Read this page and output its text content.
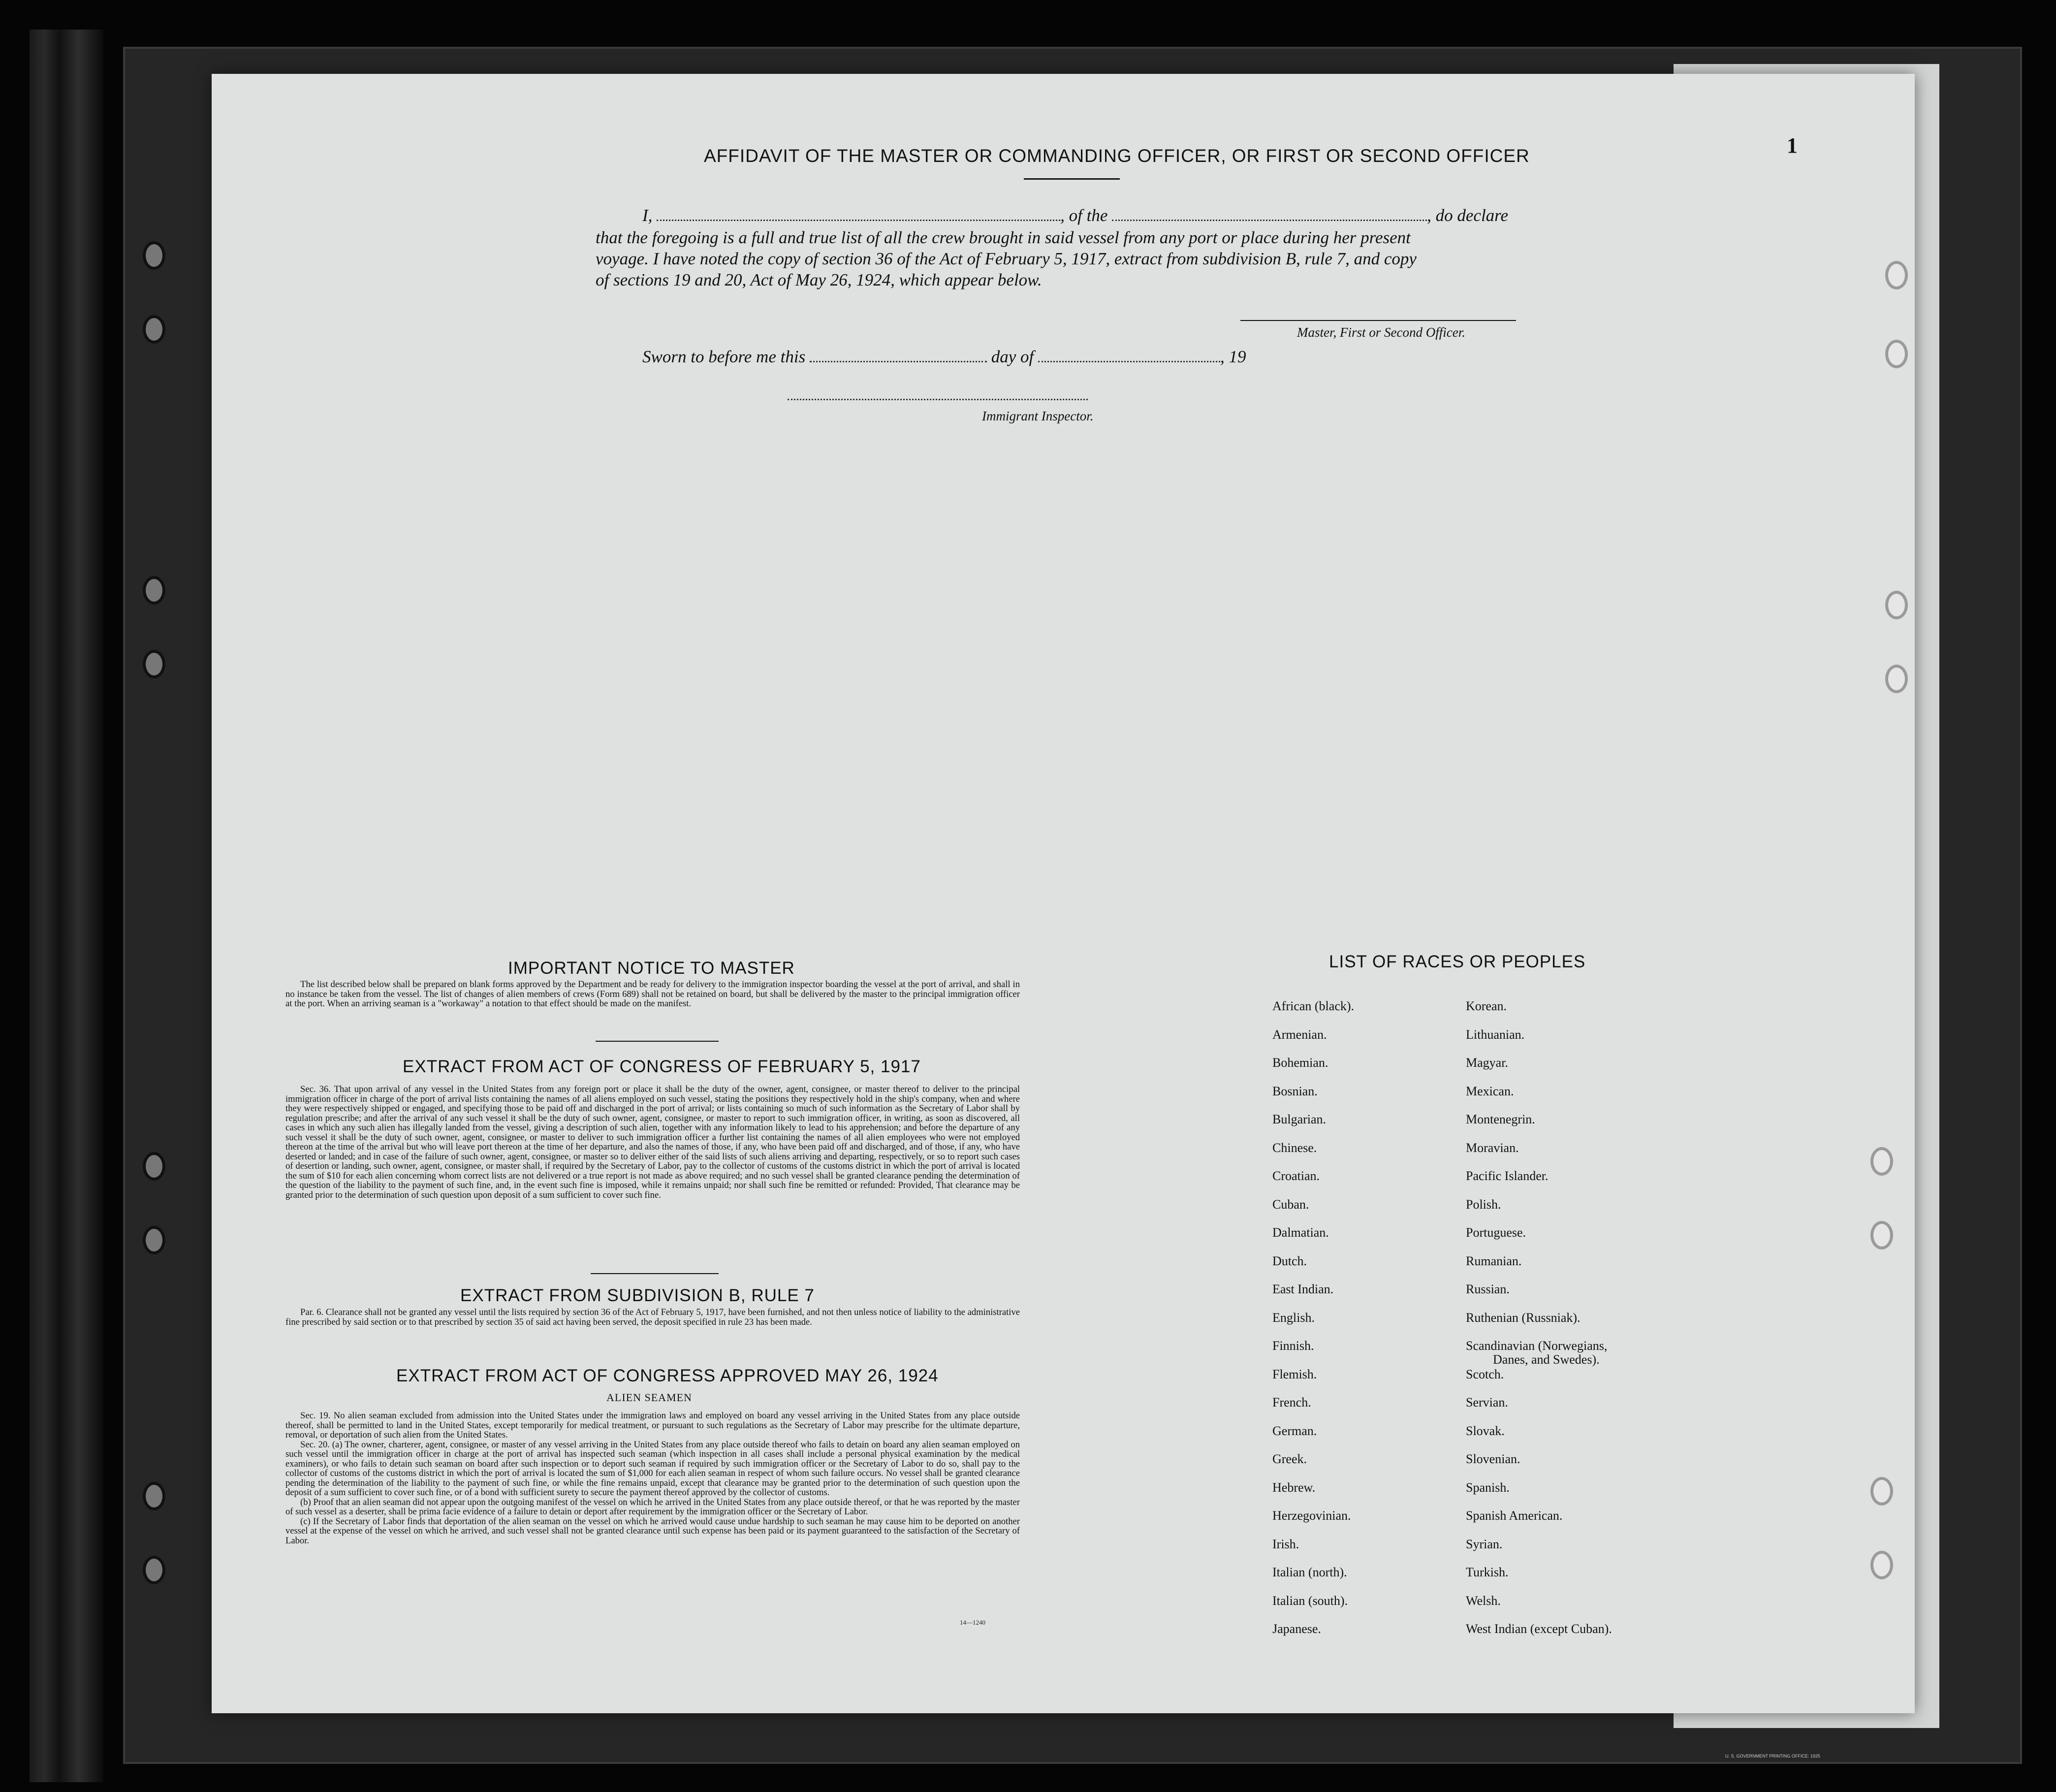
1
AFFIDAVIT OF THE MASTER OR COMMANDING OFFICER, OR FIRST OR SECOND OFFICER
I,	, of the	, do declare
that the foregoing is a full and true list of all the crew brought in said vessel from any port or place during her present
voyage. I have noted the copy of section 36 of the Act of February 5, 1917, extract from subdivision B, rule 7, and copy
of sections 19 and 20, Act of May 26, 1924, which appear below.
Master, First or Second Officer.
Sworn to before me this	day of	, 19
Immigrant Inspector.
IMPORTANT NOTICE TO MASTER

The list described below shall be prepared on blank forms approved by the Department and be ready for delivery to the immigration inspector boarding the vessel at the port of arrival, and shall in no instance be taken from the vessel. The list of changes of alien members of crews (Form 689) shall not be retained on board, but shall be delivered by the master to the principal immigration officer at the port. When an arriving seaman is a "workaway" a notation to that effect should be made on the manifest.

EXTRACT FROM ACT OF CONGRESS OF FEBRUARY 5, 1917

Sec. 36. That upon arrival of any vessel in the United States from any foreign port or place it shall be the duty of the owner, agent, consignee, or master thereof to deliver to the principal immigration officer in charge of the port of arrival lists containing the names of all aliens employed on such vessel, stating the positions they respectively hold in the ship's company, when and where they were respectively shipped or engaged, and specifying those to be paid off and discharged in the port of arrival; or lists containing so much of such information as the Secretary of Labor shall by regulation prescribe; and after the arrival of any such vessel it shall be the duty of such owner, agent, consignee, or master to report to such immigration officer, in writing, as soon as discovered, all cases in which any such alien has illegally landed from the vessel, giving a description of such alien, together with any information likely to lead to his apprehension; and before the departure of any such vessel it shall be the duty of such owner, agent, consignee, or master to deliver to such immigration officer a further list containing the names of all alien employees who were not employed thereon at the time of the arrival but who will leave port thereon at the time of her departure, and also the names of those, if any, who have been paid off and discharged, and of those, if any, who have deserted or landed; and in case of the failure of such owner, agent, consignee, or master so to deliver either of the said lists of such aliens arriving and departing, respectively, or so to report such cases of desertion or landing, such owner, agent, consignee, or master shall, if required by the Secretary of Labor, pay to the collector of customs of the customs district in which the port of arrival is located the sum of $10 for each alien concerning whom correct lists are not delivered or a true report is not made as above required; and no such vessel shall be granted clearance pending the determination of the question of the liability to the payment of such fine, and, in the event such fine is imposed, while it remains unpaid; nor shall such fine be remitted or refunded: Provided, That clearance may be granted prior to the determination of such question upon deposit of a sum sufficient to cover such fine.

EXTRACT FROM SUBDIVISION B, RULE 7

Par. 6. Clearance shall not be granted any vessel until the lists required by section 36 of the Act of February 5, 1917, have been furnished, and not then unless notice of liability to the administrative fine prescribed by said section or to that prescribed by section 35 of said act having been served, the deposit specified in rule 23 has been made.

EXTRACT FROM ACT OF CONGRESS APPROVED MAY 26, 1924
ALIEN SEAMEN

Sec. 19. No alien seaman excluded from admission into the United States under the immigration laws and employed on board any vessel arriving in the United States from any place outside thereof, shall be permitted to land in the United States, except temporarily for medical treatment, or pursuant to such regulations as the Secretary of Labor may prescribe for the ultimate departure, removal, or deportation of such alien from the United States.

Sec. 20. (a) The owner, charterer, agent, consignee, or master of any vessel arriving in the United States from any place outside thereof who fails to detain on board any alien seaman employed on such vessel until the immigration officer in charge at the port of arrival has inspected such seaman (which inspection in all cases shall include a personal physical examination by the medical examiners), or who fails to detain such seaman on board after such inspection or to deport such seaman if required by such immigration officer or the Secretary of Labor to do so, shall pay to the collector of customs of the customs district in which the port of arrival is located the sum of $1,000 for each alien seaman in respect of whom such failure occurs. No vessel shall be granted clearance pending the determination of the liability to the payment of such fine, or while the fine remains unpaid, except that clearance may be granted prior to the determination of such question upon the deposit of a sum sufficient to cover such fine, or of a bond with sufficient surety to secure the payment thereof approved by the collector of customs.

(b) Proof that an alien seaman did not appear upon the outgoing manifest of the vessel on which he arrived in the United States from any place outside thereof, or that he was reported by the master of such vessel as a deserter, shall be prima facie evidence of a failure to detain or deport after requirement by the immigration officer or the Secretary of Labor.

(c) If the Secretary of Labor finds that deportation of the alien seaman on the vessel on which he arrived would cause undue hardship to such seaman he may cause him to be deported on another vessel at the expense of the vessel on which he arrived, and such vessel shall not be granted clearance until such expense has been paid or its payment guaranteed to the satisfaction of the Secretary of Labor.

14—1240
U. S. GOVERNMENT PRINTING OFFICE: 1925
LIST OF RACES OR PEOPLES
African (black).
Armenian.
Bohemian.
Bosnian.
Bulgarian.
Chinese.
Croatian.
Cuban.
Dalmatian.
Dutch.
East Indian.
English.
Finnish.
Flemish.
French.
German.
Greek.
Hebrew.
Herzegovinian.
Irish.
Italian (north).
Italian (south).
Japanese.
Korean.
Lithuanian.
Magyar.
Mexican.
Montenegrin.
Moravian.
Pacific Islander.
Polish.
Portuguese.
Rumanian.
Russian.
Ruthenian (Russniak).
Scandinavian (Norwegians,
Danes, and Swedes).
Scotch.
Servian.
Slovak.
Slovenian.
Spanish.
Spanish American.
Syrian.
Turkish.
Welsh.
West Indian (except Cuban).
